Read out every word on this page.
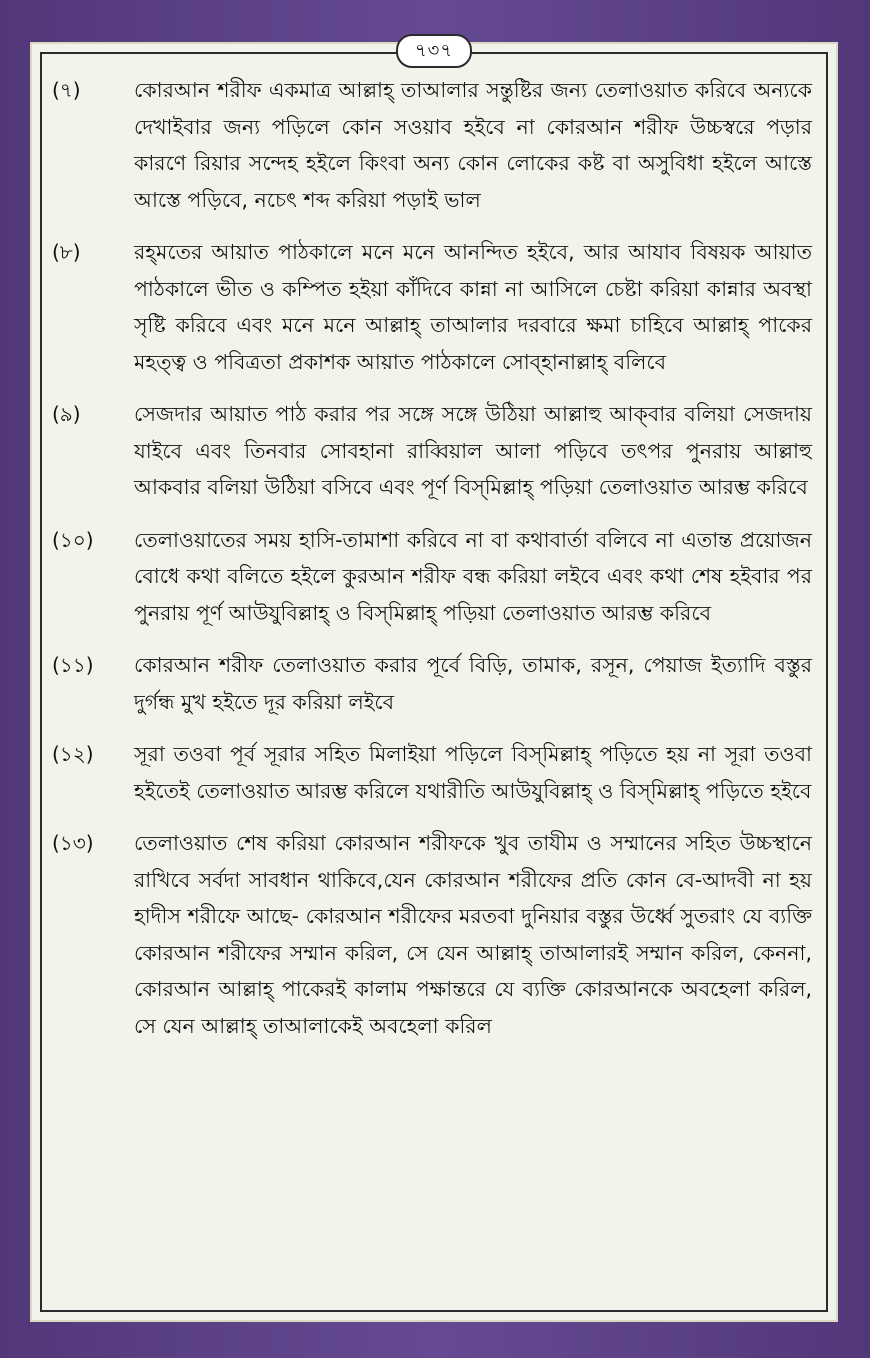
৭৩৭
(৭)	কোরআন শরীফ একমাত্র আল্লাহ্ তাআলার সন্তুষ্টির জন্য তেলাওয়াত করিবে অন্যকে দেখাইবার জন্য পড়িলে কোন সওয়াব হইবে না কোরআন শরীফ উচ্চস্বরে পড়ার কারণে রিয়ার সন্দেহ হইলে কিংবা অন্য কোন লোকের কষ্ট বা অসুবিধা হইলে আস্তে আস্তে পড়িবে, নচেৎ শব্দ করিয়া পড়াই ভাল
(৮)	রহ্‌মতের আয়াত পাঠকালে মনে মনে আনন্দিত হইবে, আর আযাব বিষয়ক আয়াত পাঠকালে ভীত ও কম্পিত হইয়া কাঁদিবে কান্না না আসিলে চেষ্টা করিয়া কান্নার অবস্থা সৃষ্টি করিবে এবং মনে মনে আল্লাহ্ তাআলার দরবারে ক্ষমা চাহিবে আল্লাহ্ পাকের মহত্ত্ব ও পবিত্রতা প্রকাশক আয়াত পাঠকালে সোব্‌হানাল্লাহ্ বলিবে
(৯)	সেজদার আয়াত পাঠ করার পর সঙ্গে সঙ্গে উঠিয়া আল্লাহু আক্‌বার বলিয়া সেজদায় যাইবে এবং তিনবার সোবহানা রাব্বিয়াল আলা পড়িবে তৎপর পুনরায় আল্লাহু আকবার বলিয়া উঠিয়া বসিবে এবং পূর্ণ বিস্‌মিল্লাহ্ পড়িয়া তেলাওয়াত আরম্ভ করিবে
(১০) তেলাওয়াতের সময় হাসি-তামাশা করিবে না বা কথাবার্তা বলিবে না এতান্ত প্রয়োজন বোধে কথা বলিতে হইলে কুরআন শরীফ বন্ধ করিয়া লইবে এবং কথা শেষ হইবার পর পুনরায় পূর্ণ আউযুবিল্লাহ্ ও বিস্‌মিল্লাহ্ পড়িয়া তেলাওয়াত আরম্ভ করিবে
(১১) কোরআন শরীফ তেলাওয়াত করার পূর্বে বিড়ি, তামাক, রসূন, পেয়াজ ইত্যাদি বস্তুর দুর্গন্ধ মুখ হইতে দূর করিয়া লইবে
(১২) সূরা তওবা পূর্ব সূরার সহিত মিলাইয়া পড়িলে বিস্‌মিল্লাহ্ পড়িতে হয় না সূরা তওবা হইতেই তেলাওয়াত আরম্ভ করিলে যথারীতি আউযুবিল্লাহ্ ও বিস্‌মিল্লাহ্ পড়িতে হইবে
(১৩) তেলাওয়াত শেষ করিয়া কোরআন শরীফকে খুব তাযীম ও সম্মানের সহিত উচ্চস্থানে রাখিবে সর্বদা সাবধান থাকিবে,যেন কোরআন শরীফের প্রতি কোন বে-আদবী না হয় হাদীস শরীফে আছে- কোরআন শরীফের মরতবা দুনিয়ার বস্তুর উর্ধ্বে সুতরাং যে ব্যক্তি কোরআন শরীফের সম্মান করিল, সে যেন আল্লাহ্ তাআলারই সম্মান করিল, কেননা, কোরআন আল্লাহ্ পাকেরই কালাম পক্ষান্তরে যে ব্যক্তি কোরআনকে অবহেলা করিল, সে যেন আল্লাহ্ তাআলাকেই অবহেলা করিল
